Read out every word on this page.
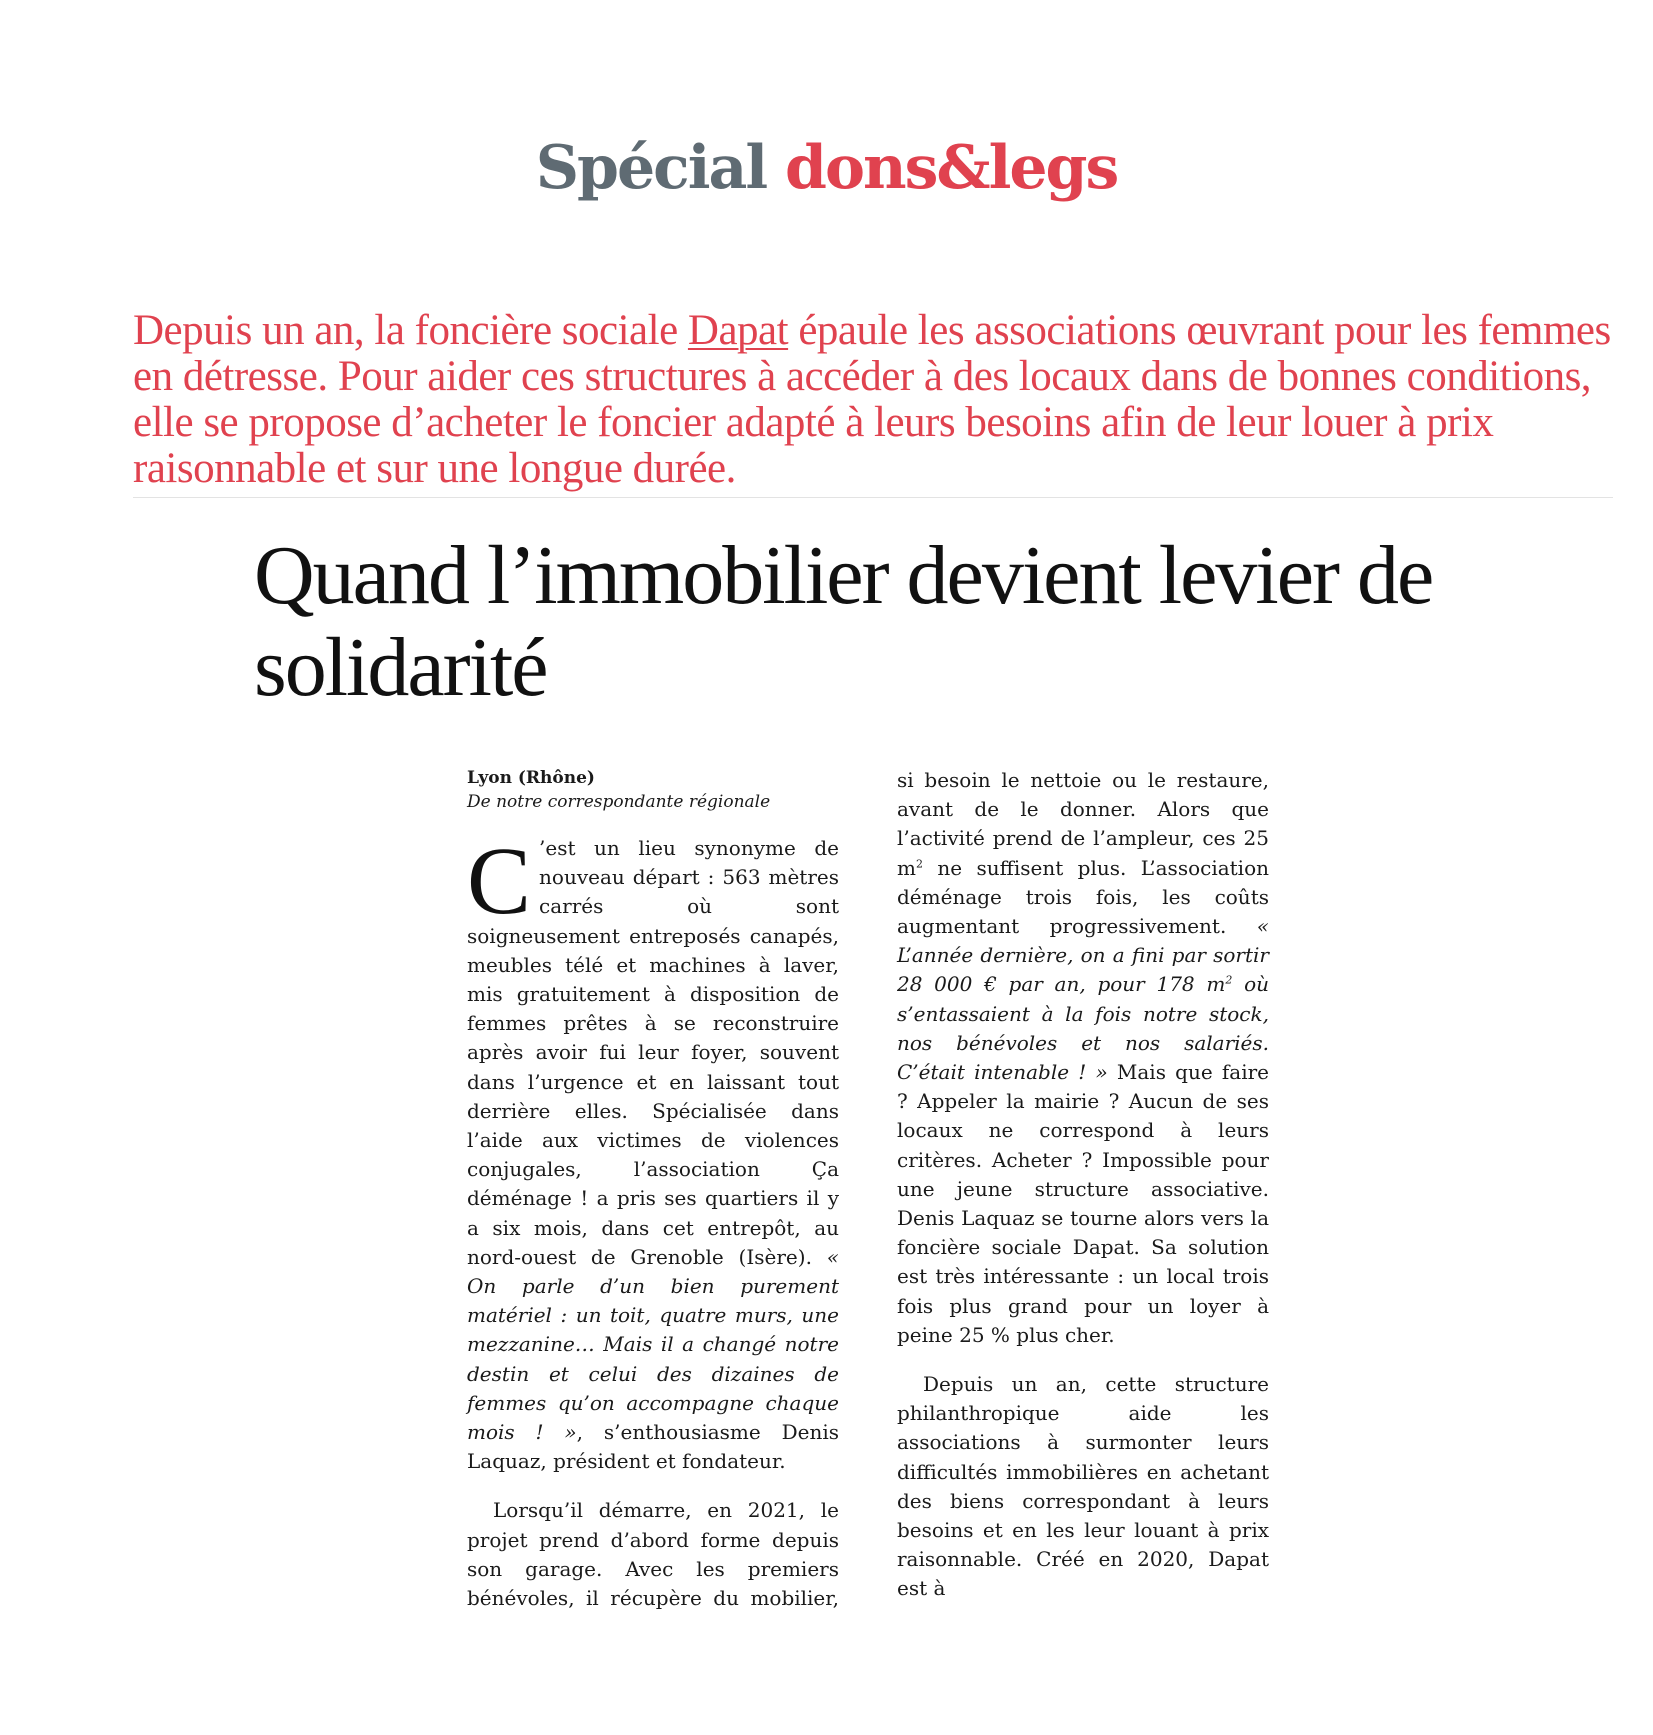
Spécial dons&legs
Depuis un an, la foncière sociale Dapat épaule les associations œuvrant pour les femmes en détresse. Pour aider ces structures à accéder à des locaux dans de bonnes conditions, elle se propose d’acheter le foncier adapté à leurs besoins afin de leur louer à prix raisonnable et sur une longue durée.
Quand l’immobilier devient levier de solidarité
Lyon (Rhône)
De notre correspondante régionale

C ’est un lieu synonyme de nouveau départ : 563 mètres carrés où sont soigneusement entreposés canapés, meubles télé et machines à laver, mis gratuitement à disposition de femmes prêtes à se reconstruire après avoir fui leur foyer, souvent dans l’urgence et en laissant tout derrière elles. Spécialisée dans l’aide aux victimes de violences conjugales, l’association Ça déménage ! a pris ses quartiers il y a six mois, dans cet entrepôt, au nord-ouest de Grenoble (Isère). « On parle d’un bien purement matériel : un toit, quatre murs, une mezzanine… Mais il a changé notre destin et celui des dizaines de femmes qu’on accompagne chaque mois ! », s’enthousiasme Denis Laquaz, président et fondateur.

Lorsqu’il démarre, en 2021, le projet prend d’abord forme depuis son garage. Avec les premiers bénévoles, il récupère du mobilier, si besoin le nettoie ou le restaure, avant de le donner. Alors que l’activité prend de l’ampleur, ces 25 $m^2$ ne suffisent plus. L’association déménage trois fois, les coûts augmentant progressivement. « L’année dernière, on a fini par sortir 28 000 € par an, pour 178 $m^2$ où s’entassaient à la fois notre stock, nos bénévoles et nos salariés. C’était intenable ! » Mais que faire ? Appeler la mairie ? Aucun de ses locaux ne correspond à leurs critères. Acheter ? Impossible pour une jeune structure associative. Denis Laquaz se tourne alors vers la foncière sociale Dapat. Sa solution est très intéressante : un local trois fois plus grand pour un loyer à peine 25 % plus cher.

Depuis un an, cette structure philanthropique aide les associations à surmonter leurs difficultés immobilières en achetant des biens correspondant à leurs besoins et en les leur louant à prix raisonnable. Créé en 2020, Dapat est à
